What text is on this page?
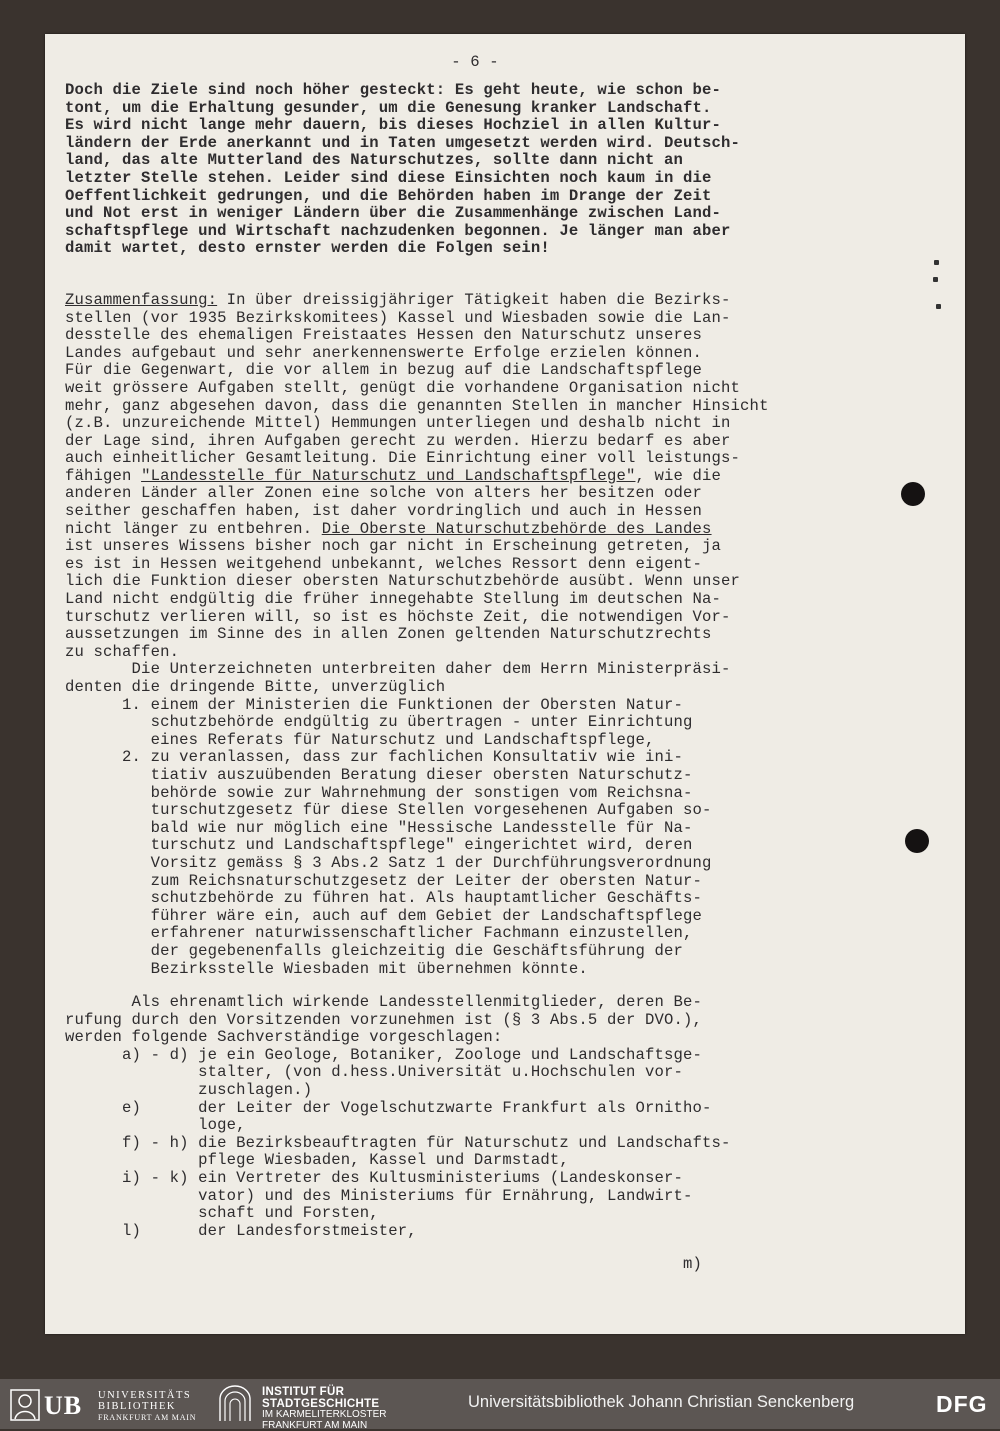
- 6 -
Doch die Ziele sind noch höher gesteckt: Es geht heute, wie schon be-
tont, um die Erhaltung gesunder, um die Genesung kranker Landschaft.
Es wird nicht lange mehr dauern, bis dieses Hochziel in allen Kultur-
ländern der Erde anerkannt und in Taten umgesetzt werden wird. Deutsch-
land, das alte Mutterland des Naturschutzes, sollte dann nicht an
letzter Stelle stehen. Leider sind diese Einsichten noch kaum in die
Oeffentlichkeit gedrungen, und die Behörden haben im Drange der Zeit
und Not erst in weniger Ländern über die Zusammenhänge zwischen Land-
schaftspflege und Wirtschaft nachzudenken begonnen. Je länger man aber
damit wartet, desto ernster werden die Folgen sein!
Zusammenfassung: In über dreissigjähriger Tätigkeit haben die Bezirks-
stellen (vor 1935 Bezirkskomitees) Kassel und Wiesbaden sowie die Lan-
desstelle des ehemaligen Freistaates Hessen den Naturschutz unseres
Landes aufgebaut und sehr anerkennenswerte Erfolge erzielen können.
Für die Gegenwart, die vor allem in bezug auf die Landschaftspflege
weit grössere Aufgaben stellt, genügt die vorhandene Organisation nicht
mehr, ganz abgesehen davon, dass die genannten Stellen in mancher Hinsicht
(z.B. unzureichende Mittel) Hemmungen unterliegen und deshalb nicht in
der Lage sind, ihren Aufgaben gerecht zu werden. Hierzu bedarf es aber
auch einheitlicher Gesamtleitung. Die Einrichtung einer voll leistungs-
fähigen "Landesstelle für Naturschutz und Landschaftspflege", wie die
anderen Länder aller Zonen eine solche von alters her besitzen oder
seither geschaffen haben, ist daher vordringlich und auch in Hessen
nicht länger zu entbehren. Die Oberste Naturschutzbehörde des Landes
ist unseres Wissens bisher noch gar nicht in Erscheinung getreten, ja
es ist in Hessen weitgehend unbekannt, welches Ressort denn eigent-
lich die Funktion dieser obersten Naturschutzbehörde ausübt. Wenn unser
Land nicht endgültig die früher innegehabte Stellung im deutschen Na-
turschutz verlieren will, so ist es höchste Zeit, die notwendigen Vor-
aussetzungen im Sinne des in allen Zonen geltenden Naturschutzrechts
zu schaffen.
Die Unterzeichneten unterbreiten daher dem Herrn Ministerpräsi-
denten die dringende Bitte, unverzüglich
1. einem der Ministerien die Funktionen der Obersten Natur-
schutzbehörde endgültig zu übertragen - unter Einrichtung
eines Referats für Naturschutz und Landschaftspflege,
2. zu veranlassen, dass zur fachlichen Konsultativ wie ini-
tiativ auszuübenden Beratung dieser obersten Naturschutz-
behörde sowie zur Wahrnehmung der sonstigen vom Reichsna-
turschutzgesetz für diese Stellen vorgesehenen Aufgaben so-
bald wie nur möglich eine "Hessische Landesstelle für Na-
turschutz und Landschaftspflege" eingerichtet wird, deren
Vorsitz gemäss § 3 Abs.2 Satz 1 der Durchführungsverordnung
zum Reichsnaturschutzgesetz der Leiter der obersten Natur-
schutzbehörde zu führen hat. Als hauptamtlicher Geschäfts-
führer wäre ein, auch auf dem Gebiet der Landschaftspflege
erfahrener naturwissenschaftlicher Fachmann einzustellen,
der gegebenenfalls gleichzeitig die Geschäftsführung der
Bezirksstelle Wiesbaden mit übernehmen könnte.
Als ehrenamtlich wirkende Landesstellenmitglieder, deren Be-
rufung durch den Vorsitzenden vorzunehmen ist (§ 3 Abs.5 der DVO.),
werden folgende Sachverständige vorgeschlagen:
a) - d) je ein Geologe, Botaniker, Zoologe und Landschaftsge-
stalter, (von d.hess.Universität u.Hochschulen vor-
zuschlagen.)
e)      der Leiter der Vogelschutzwarte Frankfurt als Ornitho-
loge,
f) - h) die Bezirksbeauftragten für Naturschutz und Landschafts-
pflege Wiesbaden, Kassel und Darmstadt,
i) - k) ein Vertreter des Kultusministeriums (Landeskonser-
vator) und des Ministeriums für Ernährung, Landwirt-
schaft und Forsten,
l)      der Landesforstmeister,
m)
UB UNIVERSITÄTS
BIBLIOTHEK
FRANKFURT AM MAIN
INSTITUT FÜR
STADTGESCHICHTE
IM KARMELITERKLOSTER
FRANKFURT AM MAIN
Universitätsbibliothek Johann Christian Senckenberg	DFG
